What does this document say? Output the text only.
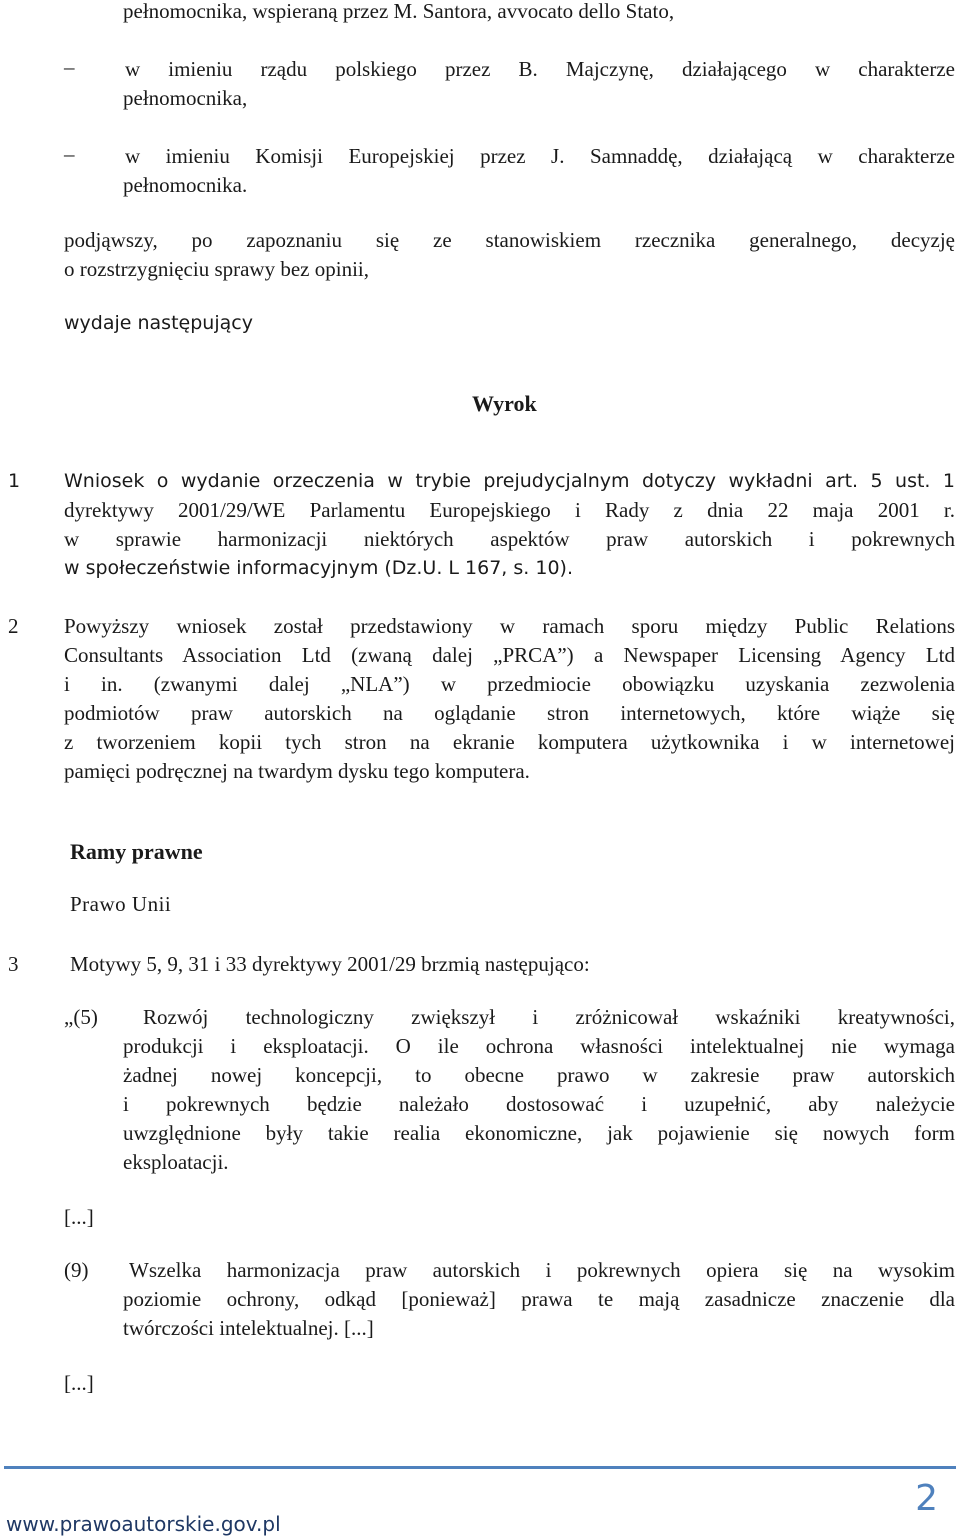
pełnomocnika, wspieraną przez M. Santora, avvocato dello Stato,
– w imieniu rządu polskiego przez B. Majczynę, działającego w charakterze
pełnomocnika,
– w imieniu Komisji Europejskiej przez J. Samnaddę, działającą w charakterze
pełnomocnika.
podjąwszy, po zapoznaniu się ze stanowiskiem rzecznika generalnego, decyzję
o rozstrzygnięciu sprawy bez opinii,
wydaje następujący
Wyrok
1 Wniosek o wydanie orzeczenia w trybie prejudycjalnym dotyczy wykładni art. 5 ust. 1
dyrektywy 2001/29/WE Parlamentu Europejskiego i Rady z dnia 22 maja 2001 r.
w sprawie harmonizacji niektórych aspektów praw autorskich i pokrewnych
w społeczeństwie informacyjnym (Dz.U. L 167, s. 10).
2 Powyższy wniosek został przedstawiony w ramach sporu między Public Relations
Consultants Association Ltd (zwaną dalej „PRCA”) a Newspaper Licensing Agency Ltd
i in. (zwanymi dalej „NLA”) w przedmiocie obowiązku uzyskania zezwolenia
podmiotów praw autorskich na oglądanie stron internetowych, które wiąże się
z tworzeniem kopii tych stron na ekranie komputera użytkownika i w internetowej
pamięci podręcznej na twardym dysku tego komputera.
Ramy prawne
Prawo Unii
3 Motywy 5, 9, 31 i 33 dyrektywy 2001/29 brzmią następująco:
„(5) Rozwój technologiczny zwiększył i zróżnicował wskaźniki kreatywności,
produkcji i eksploatacji. O ile ochrona własności intelektualnej nie wymaga
żadnej nowej koncepcji, to obecne prawo w zakresie praw autorskich
i pokrewnych będzie należało dostosować i uzupełnić, aby należycie
uwzględnione były takie realia ekonomiczne, jak pojawienie się nowych form
eksploatacji.
[...]
(9) Wszelka harmonizacja praw autorskich i pokrewnych opiera się na wysokim
poziomie ochrony, odkąd [ponieważ] prawa te mają zasadnicze znaczenie dla
twórczości intelektualnej. [...]
[...]
2
www.prawoautorskie.gov.pl
